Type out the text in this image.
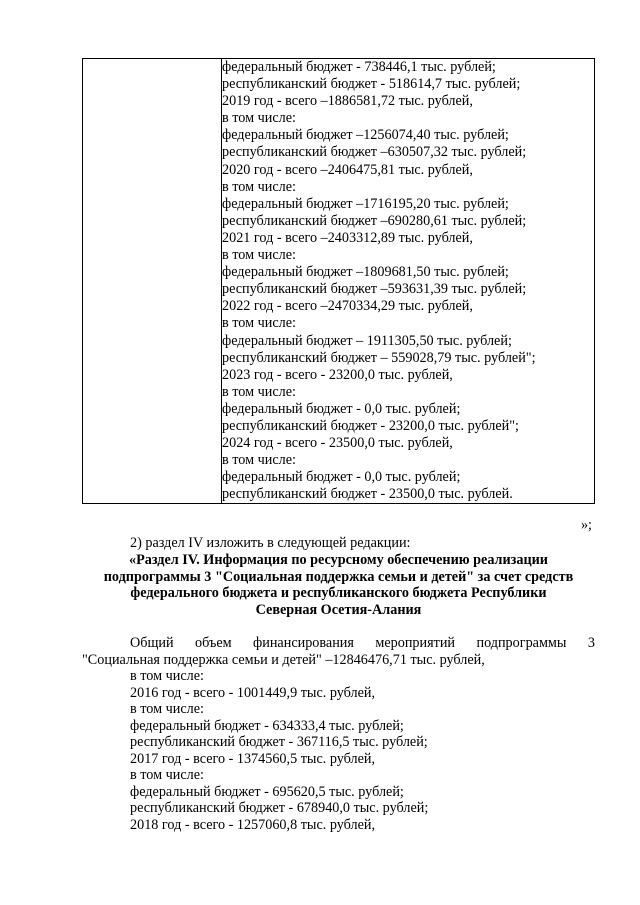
федеральный бюджет - 738446,1 тыс. рублей;
республиканский бюджет - 518614,7 тыс. рублей;
2019 год - всего –1886581,72 тыс. рублей,
в том числе:
федеральный бюджет –1256074,40 тыс. рублей;
республиканский бюджет –630507,32 тыс. рублей;
2020 год - всего –2406475,81 тыс. рублей,
в том числе:
федеральный бюджет –1716195,20 тыс. рублей;
республиканский бюджет –690280,61 тыс. рублей;
2021 год - всего –2403312,89 тыс. рублей,
в том числе:
федеральный бюджет –1809681,50 тыс. рублей;
республиканский бюджет –593631,39 тыс. рублей;
2022 год - всего –2470334,29 тыс. рублей,
в том числе:
федеральный бюджет – 1911305,50 тыс. рублей;
республиканский бюджет – 559028,79 тыс. рублей";
2023 год - всего - 23200,0 тыс. рублей,
в том числе:
федеральный бюджет - 0,0 тыс. рублей;
республиканский бюджет - 23200,0 тыс. рублей";
2024 год - всего - 23500,0 тыс. рублей,
в том числе:
федеральный бюджет - 0,0 тыс. рублей;
республиканский бюджет - 23500,0 тыс. рублей.
»;
2) раздел IV изложить в следующей редакции:
«Раздел IV. Информация по ресурсному обеспечению реализации
подпрограммы 3 "Социальная поддержка семьи и детей" за счет средств
федерального бюджета и республиканского бюджета Республики
Северная Осетия-Алания
Общий объем финансирования мероприятий подпрограммы 3
"Социальная поддержка семьи и детей" –12846476,71 тыс. рублей,
в том числе:
2016 год - всего - 1001449,9 тыс. рублей,
в том числе:
федеральный бюджет - 634333,4 тыс. рублей;
республиканский бюджет - 367116,5 тыс. рублей;
2017 год - всего - 1374560,5 тыс. рублей,
в том числе:
федеральный бюджет - 695620,5 тыс. рублей;
республиканский бюджет - 678940,0 тыс. рублей;
2018 год - всего - 1257060,8 тыс. рублей,
